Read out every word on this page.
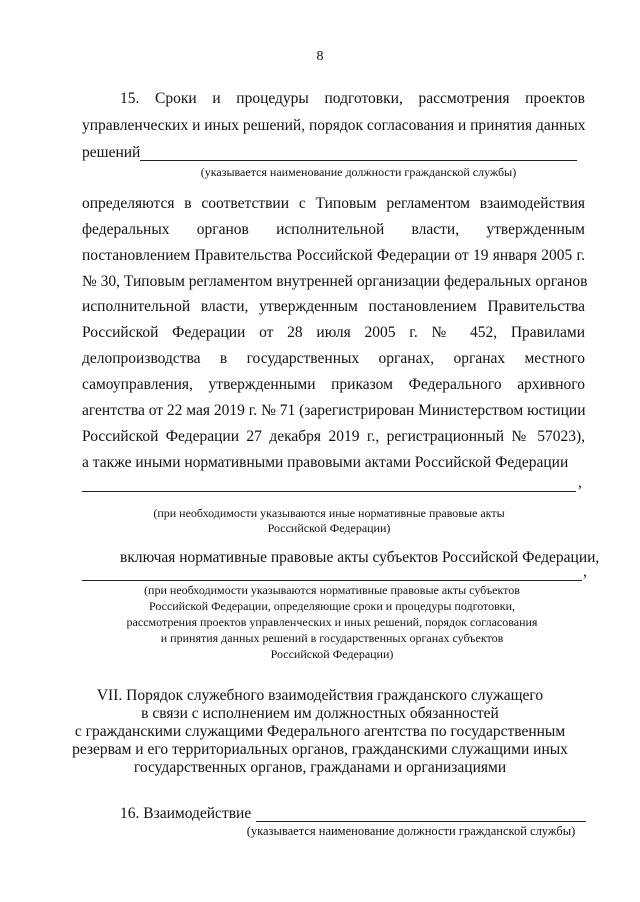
8
15. Сроки и процедуры подготовки, рассмотрения проектов
управленческих и иных решений, порядок согласования и принятия данных
решений
(указывается наименование должности гражданской службы)
определяются в соответствии с Типовым регламентом взаимодействия
федеральных органов исполнительной власти, утвержденным
постановлением Правительства Российской Федерации от 19 января 2005 г.
№ 30, Типовым регламентом внутренней организации федеральных органов
исполнительной власти, утвержденным постановлением Правительства
Российской Федерации от 28 июля 2005 г. № 452, Правилами
делопроизводства в государственных органах, органах местного
самоуправления, утвержденными приказом Федерального архивного
агентства от 22 мая 2019 г. № 71 (зарегистрирован Министерством юстиции
Российской Федерации 27 декабря 2019 г., регистрационный № 57023),
а также иными нормативными правовыми актами Российской Федерации
,
(при необходимости указываются иные нормативные правовые акты
Российской Федерации)
включая нормативные правовые акты субъектов Российской Федерации,
,
(при необходимости указываются нормативные правовые акты субъектов
Российской Федерации, определяющие сроки и процедуры подготовки,
рассмотрения проектов управленческих и иных решений, порядок согласования
и принятия данных решений в государственных органах субъектов
Российской Федерации)
VII. Порядок служебного взаимодействия гражданского служащего
в связи с исполнением им должностных обязанностей
с гражданскими служащими Федерального агентства по государственным
резервам и его территориальных органов, гражданскими служащими иных
государственных органов, гражданами и организациями
16. Взаимодействие
(указывается наименование должности гражданской службы)
